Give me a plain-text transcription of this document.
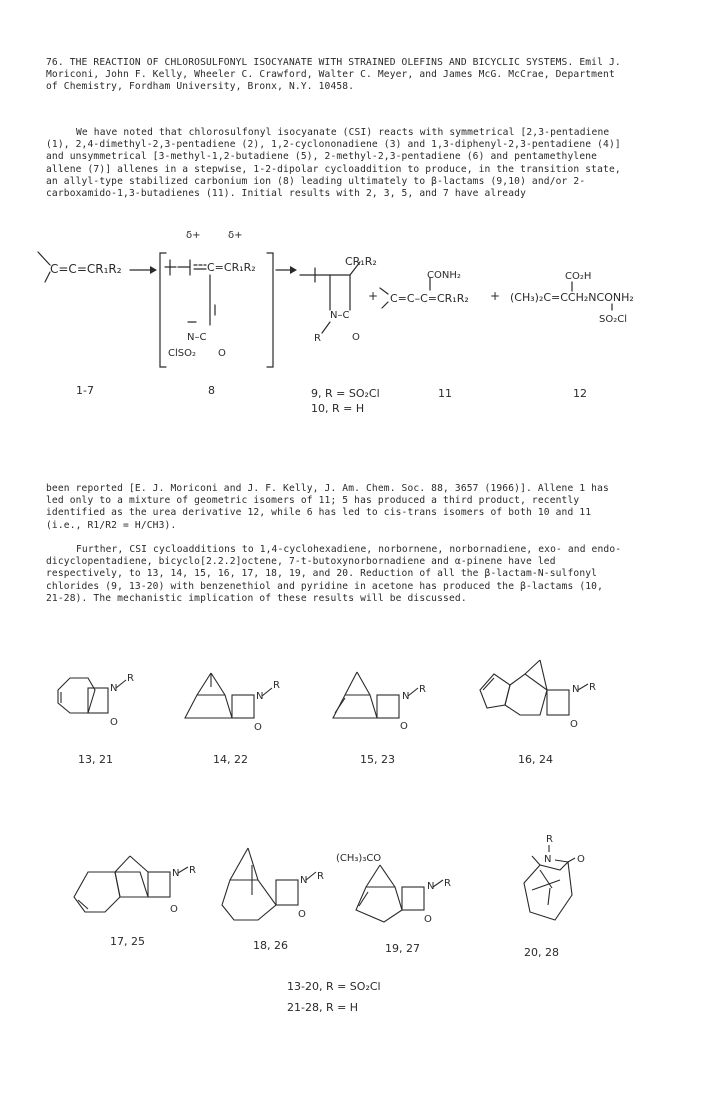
76. THE REACTION OF CHLOROSULFONYL ISOCYANATE WITH STRAINED OLEFINS AND BICYCLIC SYSTEMS. Emil J. Moriconi, John F. Kelly, Wheeler C. Crawford, Walter C. Meyer, and James McG. McCrae, Department of Chemistry, Fordham University, Bronx, N.Y. 10458.
We have noted that chlorosulfonyl isocyanate (CSI) reacts with symmetrical [2,3-pentadiene (1), 2,4-dimethyl-2,3-pentadiene (2), 1,2-cyclononadiene (3) and 1,3-diphenyl-2,3-pentadiene (4)] and unsymmetrical [3-methyl-1,2-butadiene (5), 2-methyl-2,3-pentadiene (6) and pentamethylene allene (7)] allenes in a stepwise, 1-2-dipolar cycloaddition to produce, in the transition state, an allyl-type stabilized carbonium ion (8) leading ultimately to β-lactams (9,10) and/or 2-carboxamido-1,3-butadienes (11). Initial results with 2, 3, 5, and 7 have already
C=C=CR₁R₂
δ+	δ+
C=CR₁R₂
N–C
ClSO₂ O
CR₁R₂
N–C
R	O
+ C=C–C=CR₁R₂
CONH₂
+
CO₂H
(CH₃)₂C=CCH₂NCONH₂
SO₂Cl
1-7	8	9, R = SO₂Cl
10, R = H
11	12
been reported [E. J. Moriconi and J. F. Kelly, J. Am. Chem. Soc. 88, 3657 (1966)]. Allene 1 has led only to a mixture of geometric isomers of 11; 5 has produced a third product, recently identified as the urea derivative 12, while 6 has led to cis-trans isomers of both 10 and 11 (i.e., R1/R2 = H/CH3).
Further, CSI cycloadditions to 1,4-cyclohexadiene, norbornene, norbornadiene, exo- and endo-dicyclopentadiene, bicyclo[2.2.2]octene, 7-t-butoxynorbornadiene and α-pinene have led respectively, to 13, 14, 15, 16, 17, 18, 19, and 20. Reduction of all the β-lactam-N-sulfonyl chlorides (9, 13-20) with benzenethiol and pyridine in acetone has produced the β-lactams (10, 21-28). The mechanistic implication of these results will be discussed.
N
R
O
N
R
O
N
R
O
N R
O
13, 21	14, 22	15, 23	16, 24
N R
O
N R
O
(CH₃)₃CO
N R
O
R
N	O
17, 25	18, 26	19, 27	20, 28
13-20, R = SO₂Cl
21-28, R = H
